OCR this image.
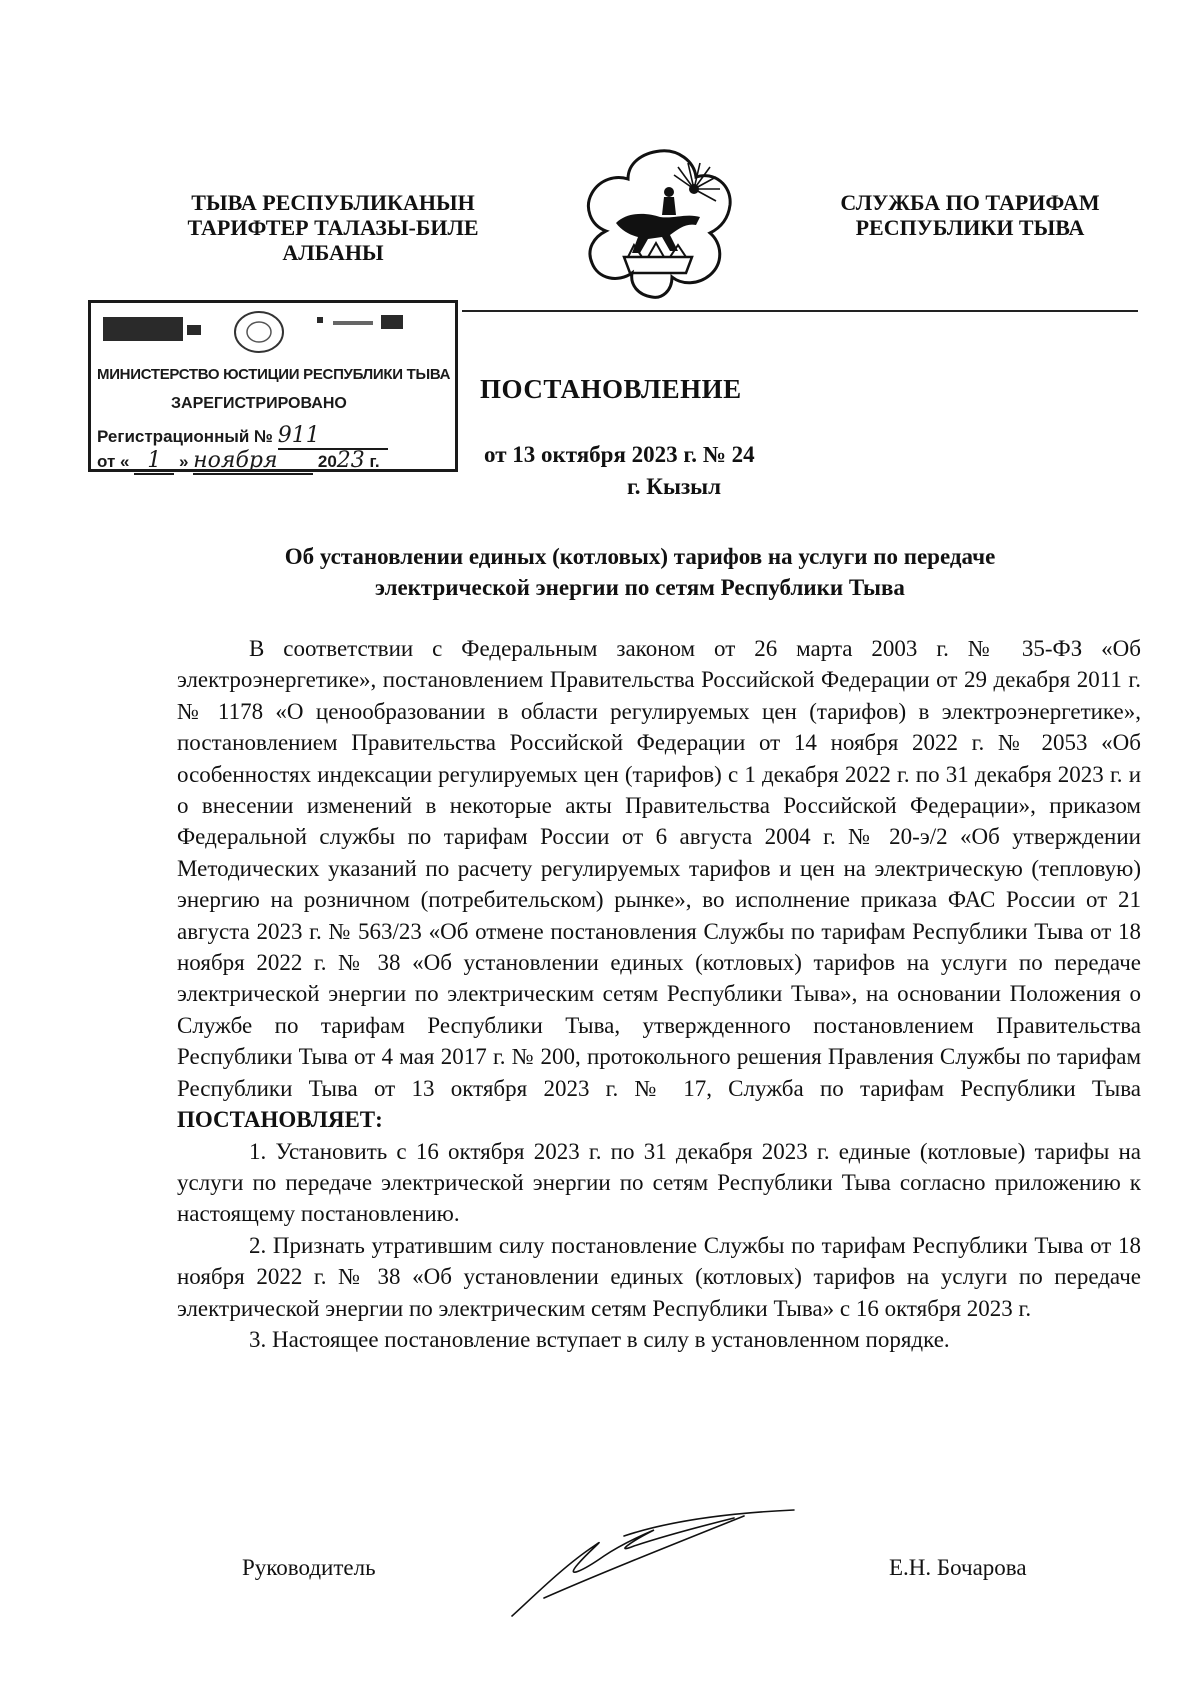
ТЫВА РЕСПУБЛИКАНЫН
ТАРИФТЕР ТАЛАЗЫ-БИЛЕ
АЛБАНЫ
СЛУЖБА ПО ТАРИФАМ
РЕСПУБЛИКИ ТЫВА
МИНИСТЕРСТВО ЮСТИЦИИ РЕСПУБЛИКИ ТЫВА
ЗАРЕГИСТРИРОВАНО
Регистрационный № 911
от « 1 » ноября 2023 г.
ПОСТАНОВЛЕНИЕ
от 13 октября 2023 г. № 24
г. Кызыл
Об установлении единых (котловых) тарифов на услуги по передаче
электрической энергии по сетям Республики Тыва

В соответствии с Федеральным законом от 26 марта 2003 г. № 35-ФЗ «Об электроэнергетике», постановлением Правительства Российской Федерации от 29 декабря 2011 г. № 1178 «О ценообразовании в области регулируемых цен (тарифов) в электроэнергетике», постановлением Правительства Российской Федерации от 14 ноября 2022 г. № 2053 «Об особенностях индексации регулируемых цен (тарифов) с 1 декабря 2022 г. по 31 декабря 2023 г. и о внесении изменений в некоторые акты Правительства Российской Федерации», приказом Федеральной службы по тарифам России от 6 августа 2004 г. № 20-э/2 «Об утверждении Методических указаний по расчету регулируемых тарифов и цен на электрическую (тепловую) энергию на розничном (потребительском) рынке», во исполнение приказа ФАС России от 21 августа 2023 г. № 563/23 «Об отмене постановления Службы по тарифам Республики Тыва от 18 ноября 2022 г. № 38 «Об установлении единых (котловых) тарифов на услуги по передаче электрической энергии по электрическим сетям Республики Тыва», на основании Положения о Службе по тарифам Республики Тыва, утвержденного постановлением Правительства Республики Тыва от 4 мая 2017 г. № 200, протокольного решения Правления Службы по тарифам Республики Тыва от 13 октября 2023 г. № 17, Служба по тарифам Республики Тыва ПОСТАНОВЛЯЕТ:

1. Установить с 16 октября 2023 г. по 31 декабря 2023 г. единые (котловые) тарифы на услуги по передаче электрической энергии по сетям Республики Тыва согласно приложению к настоящему постановлению.

2. Признать утратившим силу постановление Службы по тарифам Республики Тыва от 18 ноября 2022 г. № 38 «Об установлении единых (котловых) тарифов на услуги по передаче электрической энергии по электрическим сетям Республики Тыва» с 16 октября 2023 г.

3. Настоящее постановление вступает в силу в установленном порядке.

Руководитель	Е.Н. Бочарова
